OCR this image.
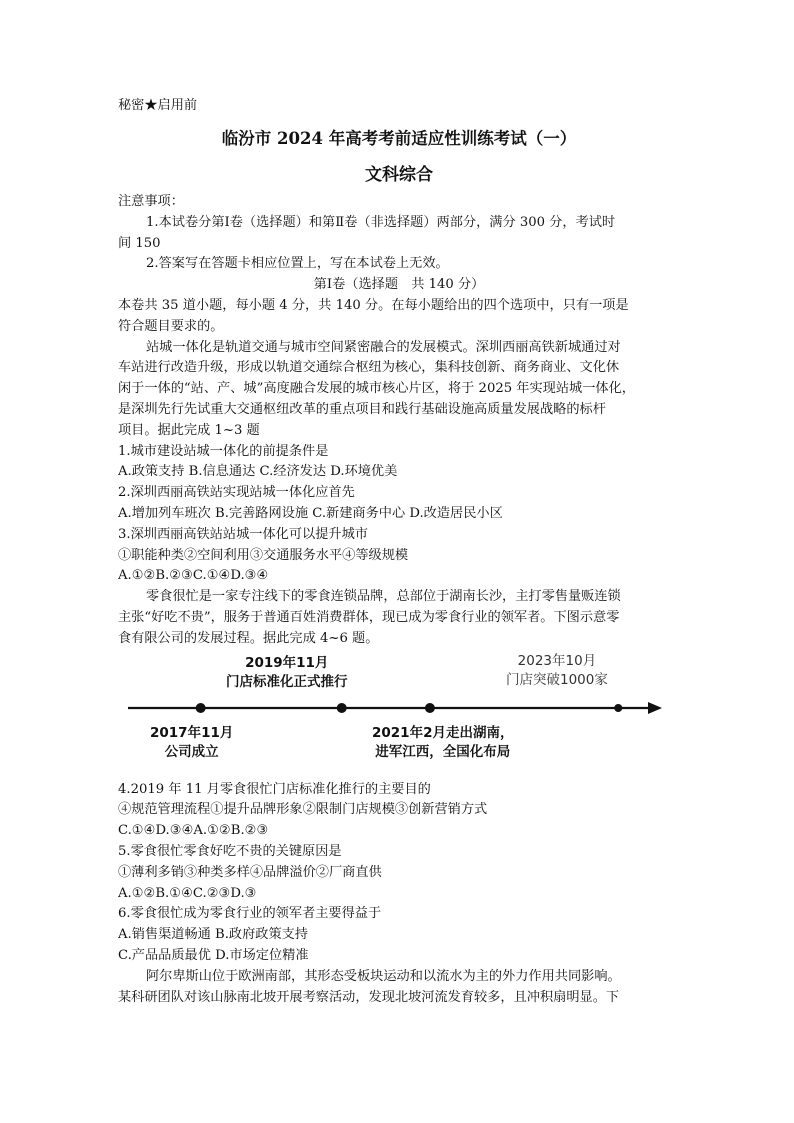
秘密★启用前
临汾市 2024 年高考考前适应性训练考试（一）
文科综合
注意事项：
1.本试卷分第Ⅰ卷（选择题）和第Ⅱ卷（非选择题）两部分，满分 300 分，考试时
间 150
2.答案写在答题卡相应位置上，写在本试卷上无效。
第Ⅰ卷（选择题　共 140 分）
本卷共 35 道小题，每小题 4 分，共 140 分。在每小题给出的四个选项中，只有一项是
符合题目要求的。
站城一体化是轨道交通与城市空间紧密融合的发展模式。深圳西丽高铁新城通过对
车站进行改造升级，形成以轨道交通综合枢纽为核心，集科技创新、商务商业、文化休
闲于一体的“站、产、城”高度融合发展的城市核心片区，将于 2025 年实现站城一体化，
是深圳先行先试重大交通枢纽改革的重点项目和践行基础设施高质量发展战略的标杆
项目。据此完成 1~3 题
1.城市建设站城一体化的前提条件是
A.政策支持 B.信息通达 C.经济发达 D.环境优美
2.深圳西丽高铁站实现站城一体化应首先
A.增加列车班次 B.完善路网设施 C.新建商务中心 D.改造居民小区
3.深圳西丽高铁站站城一体化可以提升城市
①职能种类②空间利用③交通服务水平④等级规模
A.①②B.②③C.①④D.③④
零食很忙是一家专注线下的零食连锁品牌，总部位于湖南长沙，主打零售量贩连锁
主张“好吃不贵”，服务于普通百姓消费群体，现已成为零食行业的领军者。下图示意零
食有限公司的发展过程。据此完成 4~6 题。
2017年11月
公司成立
2019年11月
门店标准化正式推行
2021年2月走出湖南，
进军江西，全国化布局
2023年10月
门店突破1000家
4.2019 年 11 月零食很忙门店标准化推行的主要目的
④规范管理流程①提升品牌形象②限制门店规模③创新营销方式
C.①④D.③④A.①②B.②③
5.零食很忙零食好吃不贵的关键原因是
①薄利多销③种类多样④品牌溢价②厂商直供
A.①②B.①④C.②③D.③
6.零食很忙成为零食行业的领军者主要得益于
A.销售渠道畅通 B.政府政策支持
C.产品品质最优 D.市场定位精准
阿尔卑斯山位于欧洲南部，其形态受板块运动和以流水为主的外力作用共同影响。
某科研团队对该山脉南北坡开展考察活动，发现北坡河流发育较多，且冲积扇明显。下
